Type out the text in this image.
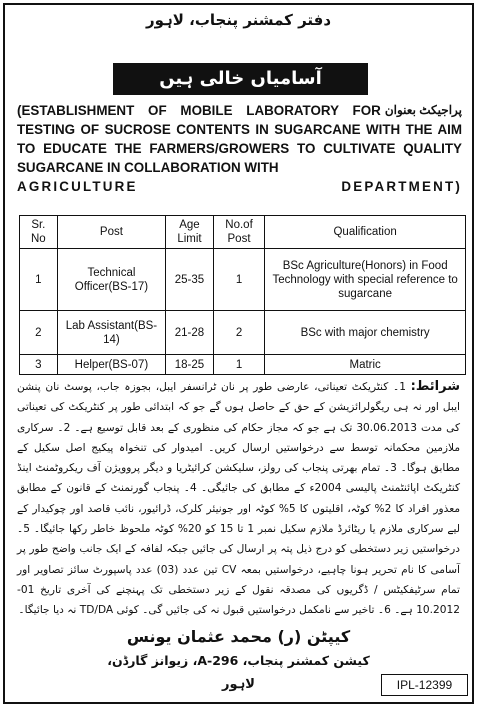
دفتر کمشنر پنجاب، لاہور
آسامیاں خالی ہیں
پراجیکٹ بعنوان
(ESTABLISHMENT OF MOBILE LABORATORY FOR TESTING OF SUCROSE CONTENTS IN SUGARCANE WITH THE AIM TO EDUCATE THE FARMERS/GROWERS TO CULTIVATE QUALITY SUGARCANE IN COLLABORATION WITH
AGRICULTURE DEPARTMENT)
Sr. No	Post	Age Limit	No.of Post	Qualification
1	Technical Officer(BS-17)	25-35	1	BSc Agriculture(Honors) in Food Technology with special reference to sugarcane
2	Lab Assistant(BS-14)	21-28	2	BSc with major chemistry
3	Helper(BS-07)	18-25	1	Matric
شرائط: 1۔ کنٹریکٹ تعیناتی، عارضی طور پر نان ٹرانسفر ایبل، بجوزہ جاب، پوسٹ نان پنشن ایبل اور نہ ہی ریگولرائزیشن کے حق کے حاصل ہوں گے جو کہ ابتدائی طور پر کنٹریکٹ کی تعیناتی کی مدت 30.06.2013 تک ہے جو کہ مجاز حکام کی منظوری کے بعد قابل توسیع ہے۔ 2۔ سرکاری ملازمین محکمانہ توسط سے درخواستیں ارسال کریں۔ امیدوار کی تنخواہ پیکیج اصل سکیل کے مطابق ہوگا۔ 3۔ تمام بھرتی پنجاب کی رولز، سلیکشن کرائیٹریا و دیگر پروویژن آف ریکروٹمنٹ اینڈ کنٹریکٹ اپائنٹمنٹ پالیسی 2004ء کے مطابق کی جائیگی۔ 4۔ پنجاب گورنمنٹ کے قانون کے مطابق معذور افراد کا 2% کوٹہ، اقلیتوں کا 5% کوٹہ اور جونیئر کلرک، ڈرائیور، نائب قاصد اور چوکیدار کے لیے سرکاری ملازم یا ریٹائرڈ ملازم سکیل نمبر 1 تا 15 کو 20% کوٹہ ملحوظ خاطر رکھا جائیگا۔ 5۔ درخواستیں زیر دستخطی کو درج ذیل پتہ پر ارسال کی جائیں جبکہ لفافہ کے ایک جانب واضح طور پر آسامی کا نام تحریر ہونا چاہیے، درخواستیں بمعہ CV تین عدد (03) عدد پاسپورٹ سائز تصاویر اور تمام سرٹیفکیٹس / ڈگریوں کی مصدقہ نقول کے زیر دستخطی تک پہنچنے کی آخری تاریخ 01-10.2012 ہے۔ 6۔ تاخیر سے نامکمل درخواستیں قبول نہ کی جائیں گی۔ کوئی TD/DA نہ دیا جائیگا۔
کیپٹن (ر) محمد عثمان یونس
کیشن کمشنر پنجاب، A-296، زیوانز گارڈن،
لاہور	IPL-12399
